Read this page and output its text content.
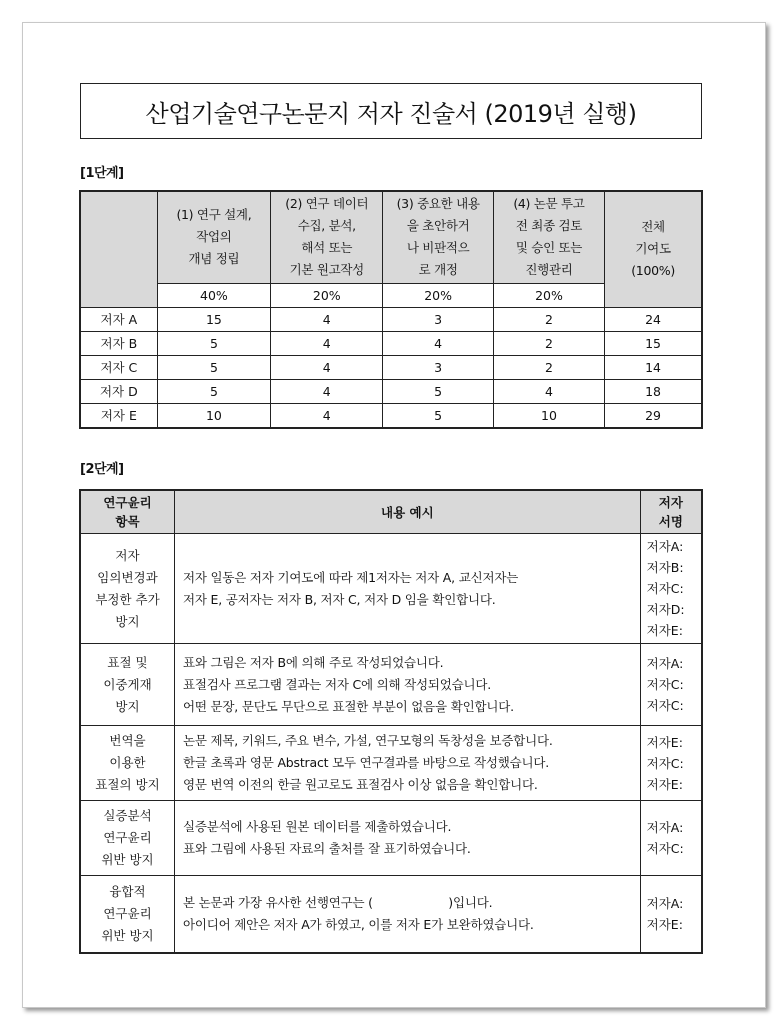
산업기술연구논문지 저자 진술서 (2019년 실행)
[1단계]

	(1) 연구 설계,
작업의
개념 정립	(2) 연구 데이터
수집, 분석,
해석 또는
기본 원고작성	(3) 중요한 내용
을 초안하거
나 비판적으
로 개정	(4) 논문 투고
전 최종 검토
및 승인 또는
진행관리	전체
기여도
(100%)

	40%	20%	20%	20%	
저자 A	15	4	3	2	24
저자 B	5	4	4	2	15
저자 C	5	4	3	2	14
저자 D	5	4	5	4	18
저자 E	10	4	5	10	29
[2단계]
연구윤리
항목	내용 예시	저자
서명

저자
임의변경과
부정한 추가
방지	저자 일동은 저자 기여도에 따라 제1저자는 저자 A, 교신저자는
저자 E, 공저자는 저자 B, 저자 C, 저자 D 임을 확인합니다.	저자A:
저자B:
저자C:
저자D:
저자E:

표절 및
이중게재
방지	표와 그림은 저자 B에 의해 주로 작성되었습니다.
표절검사 프로그램 결과는 저자 C에 의해 작성되었습니다.
어떤 문장, 문단도 무단으로 표절한 부분이 없음을 확인합니다.	저자A:
저자C:
저자C:

번역을
이용한
표절의 방지	논문 제목, 키워드, 주요 변수, 가설, 연구모형의 독창성을 보증합니다.
한글 초록과 영문 Abstract 모두 연구결과를 바탕으로 작성했습니다.
영문 번역 이전의 한글 원고로도 표절검사 이상 없음을 확인합니다.	저자E:
저자C:
저자E:

실증분석
연구윤리
위반 방지	실증분석에 사용된 원본 데이터를 제출하였습니다.
표와 그림에 사용된 자료의 출처를 잘 표기하였습니다.	저자A:
저자C:

융합적
연구윤리
위반 방지	본 논문과 가장 유사한 선행연구는 (                    )입니다.
아이디어 제안은 저자 A가 하였고, 이를 저자 E가 보완하였습니다.	저자A:
저자E:
